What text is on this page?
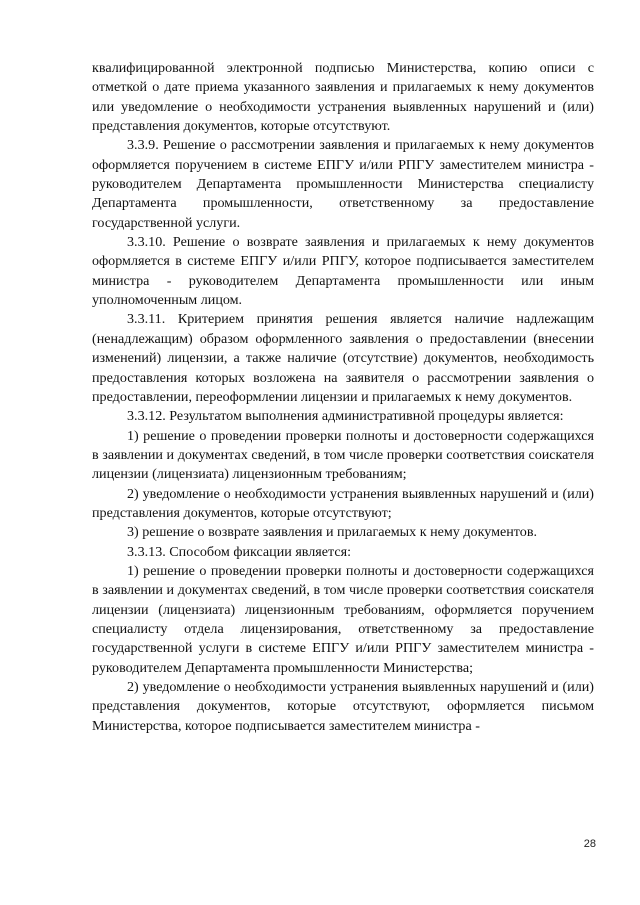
квалифицированной электронной подписью Министерства, копию описи с отметкой о дате приема указанного заявления и прилагаемых к нему документов или уведомление о необходимости устранения выявленных нарушений и (или) представления документов, которые отсутствуют.

3.3.9. Решение о рассмотрении заявления и прилагаемых к нему документов оформляется поручением в системе ЕПГУ и/или РПГУ заместителем министра - руководителем Департамента промышленности Министерства специалисту Департамента промышленности, ответственному за предоставление государственной услуги.

3.3.10. Решение о возврате заявления и прилагаемых к нему документов оформляется в системе ЕПГУ и/или РПГУ, которое подписывается заместителем министра - руководителем Департамента промышленности или иным уполномоченным лицом.

3.3.11. Критерием принятия решения является наличие надлежащим (ненадлежащим) образом оформленного заявления о предоставлении (внесении изменений) лицензии, а также наличие (отсутствие) документов, необходимость предоставления которых возложена на заявителя о рассмотрении заявления о предоставлении, переоформлении лицензии и прилагаемых к нему документов.

3.3.12. Результатом выполнения административной процедуры является:

1) решение о проведении проверки полноты и достоверности содержащихся в заявлении и документах сведений, в том числе проверки соответствия соискателя лицензии (лицензиата) лицензионным требованиям;

2) уведомление о необходимости устранения выявленных нарушений и (или) представления документов, которые отсутствуют;

3) решение о возврате заявления и прилагаемых к нему документов.

3.3.13. Способом фиксации является:

1) решение о проведении проверки полноты и достоверности содержащихся в заявлении и документах сведений, в том числе проверки соответствия соискателя лицензии (лицензиата) лицензионным требованиям, оформляется поручением специалисту отдела лицензирования, ответственному за предоставление государственной услуги в системе ЕПГУ и/или РПГУ заместителем министра - руководителем Департамента промышленности Министерства;

2) уведомление о необходимости устранения выявленных нарушений и (или) представления документов, которые отсутствуют, оформляется письмом Министерства, которое подписывается заместителем министра -

28
